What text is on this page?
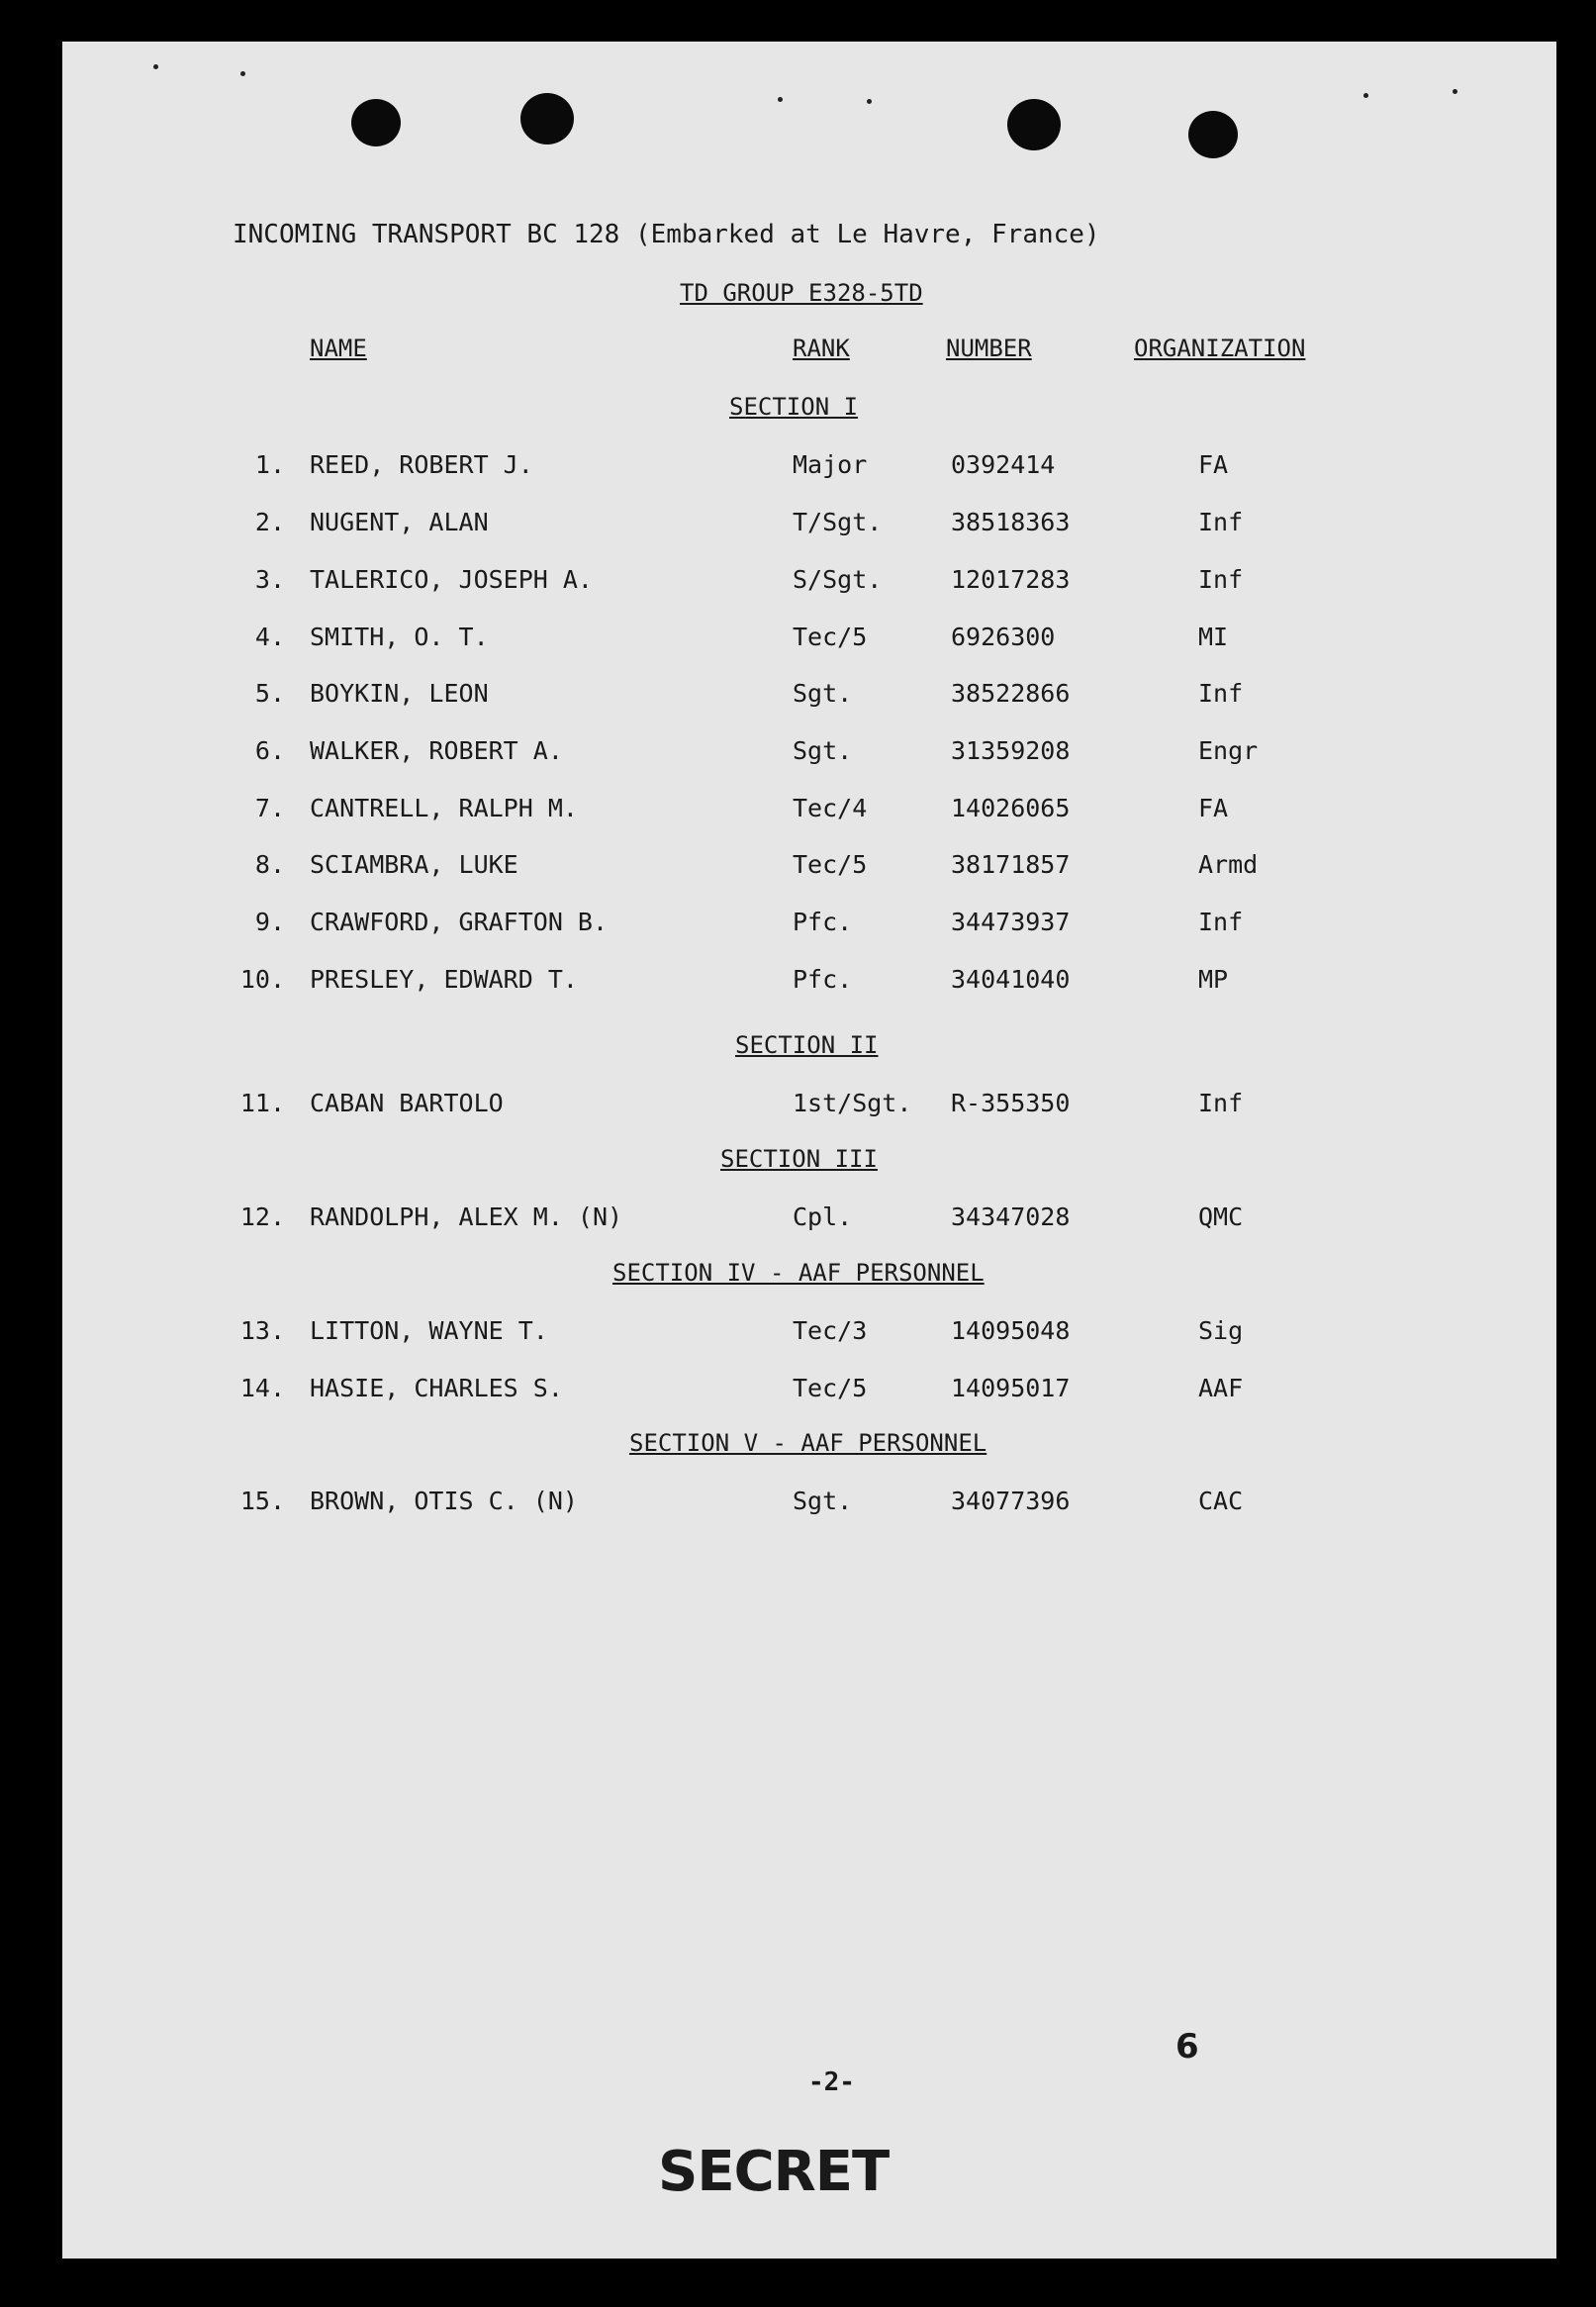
INCOMING TRANSPORT BC 128 (Embarked at Le Havre, France)
TD GROUP E328-5TD
NAME	RANK	NUMBER	ORGANIZATION
SECTION I
1. REED, ROBERT J.	Major	0392414	FA
2. NUGENT, ALAN	T/Sgt.	38518363	Inf
3. TALERICO, JOSEPH A.	S/Sgt.	12017283	Inf
4. SMITH, O. T.	Tec/5	6926300	MI
5. BOYKIN, LEON	Sgt.	38522866	Inf
6. WALKER, ROBERT A.	Sgt.	31359208	Engr
7. CANTRELL, RALPH M.	Tec/4	14026065	FA
8. SCIAMBRA, LUKE	Tec/5	38171857	Armd
9. CRAWFORD, GRAFTON B.	Pfc.	34473937	Inf
10. PRESLEY, EDWARD T.	Pfc.	34041040	MP
SECTION II
11. CABAN BARTOLO	1st/Sgt. R-355350	Inf
SECTION III
12. RANDOLPH, ALEX M. (N)	Cpl.	34347028	QMC
SECTION IV - AAF PERSONNEL
13. LITTON, WAYNE T.	Tec/3	14095048	Sig
14. HASIE, CHARLES S.	Tec/5	14095017	AAF
SECTION V - AAF PERSONNEL
15. BROWN, OTIS C. (N)	Sgt.	34077396	CAC
6
-2-
SECRET
